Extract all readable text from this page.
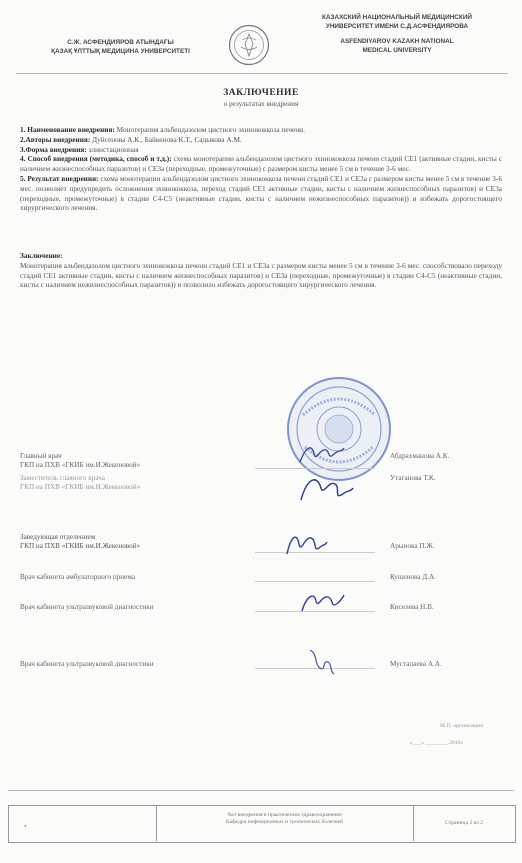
С.Ж. АСФЕНДИЯРОВ АТЫНДАҒЫ
ҚАЗАҚ ҰЛТТЫҚ МЕДИЦИНА УНИВЕРСИТЕТІ
КАЗАХСКИЙ НАЦИОНАЛЬНЫЙ МЕДИЦИНСКИЙ
УНИВЕРСИТЕТ ИМЕНИ С.Д.АСФЕНДИЯРОВА
ASFENDIYAROV KAZAKH NATIONAL
MEDICAL UNIVERSITY
ЗАКЛЮЧЕНИЕ
о результатах внедрения

1. Наименование внедрения: Монотерапия альбендазолом цистного эхинококкоза печени.

2.Авторы внедрения: Дуйсенова А.К., Байкенова К.Т., Садыкова А.М.

3.Форма внедрения: злинстационная

4. Способ внедрения (методика, способ и т.д.): схема монотерапии альбендазолом цистного эхинококкоза печени стадий CE1 (активные стадии, кисты с наличием жизнеспособных паразитов) и CE3a (переходные, промежуточные) с размером кисты менее 5 см в течение 3-6 мес.

5. Результат внедрения: схема монотерапии альбендазолом цистного эхинококкоза печени стадий CE1 и CE3a с размером кисты менее 5 см в течение 3-6 мес. позволяет предупредить осложнения эхинококкоза, переход стадий CE1 активные стадии, кисты с наличием жизнеспособных паразитов) и CE3a (переходные, промежуточные) в стадии C4-C5 (неактивные стадии, кисты с наличием нежизнеспособных паразитов)) и избежать дорогостоящего хирургического лечения.

Заключение:
Монотерапия альбендазолом цистного эхинококкоза печени стадий CE1 и CE3a с размером кисты менее 5 см в течение 3-6 мес. способствовало переходу стадий CE1 активные стадии, кисты с наличием жизнеспособных паразитов) и CE3a (переходные, промежуточные) в стадии C4-C5 (неактивные стадии, кисты с наличием нежизнеспособных паразитов)) и позволило избежать дорогостоящего хирургического лечения.
Главный врач
ГКП на ПХВ «ГКИБ им.И.Жекеновой»
Абдрахманова А.К.
Заместитель главного врача
ГКП на ПХВ «ГКИБ им.И.Жекеновой»
Утаганова Т.К.
Заведующая отделением
ГКП на ПХВ «ГКИБ им.И.Жекеновой»	Арынова П.Ж.
Врач кабинета амбулаторного приема	Кушенова Д.А.
Врач кабинета ультразвуковой диагностики	Киселева Н.В.
Врач кабинета ультразвуковой диагностики	Мустапаева А.А.
М.П. организации
«___» ________ 2016г.
•
Акт внедрения в практическое здравоохранение
Кафедра инфекционных и тропических болезней	Страница 2 из 2
